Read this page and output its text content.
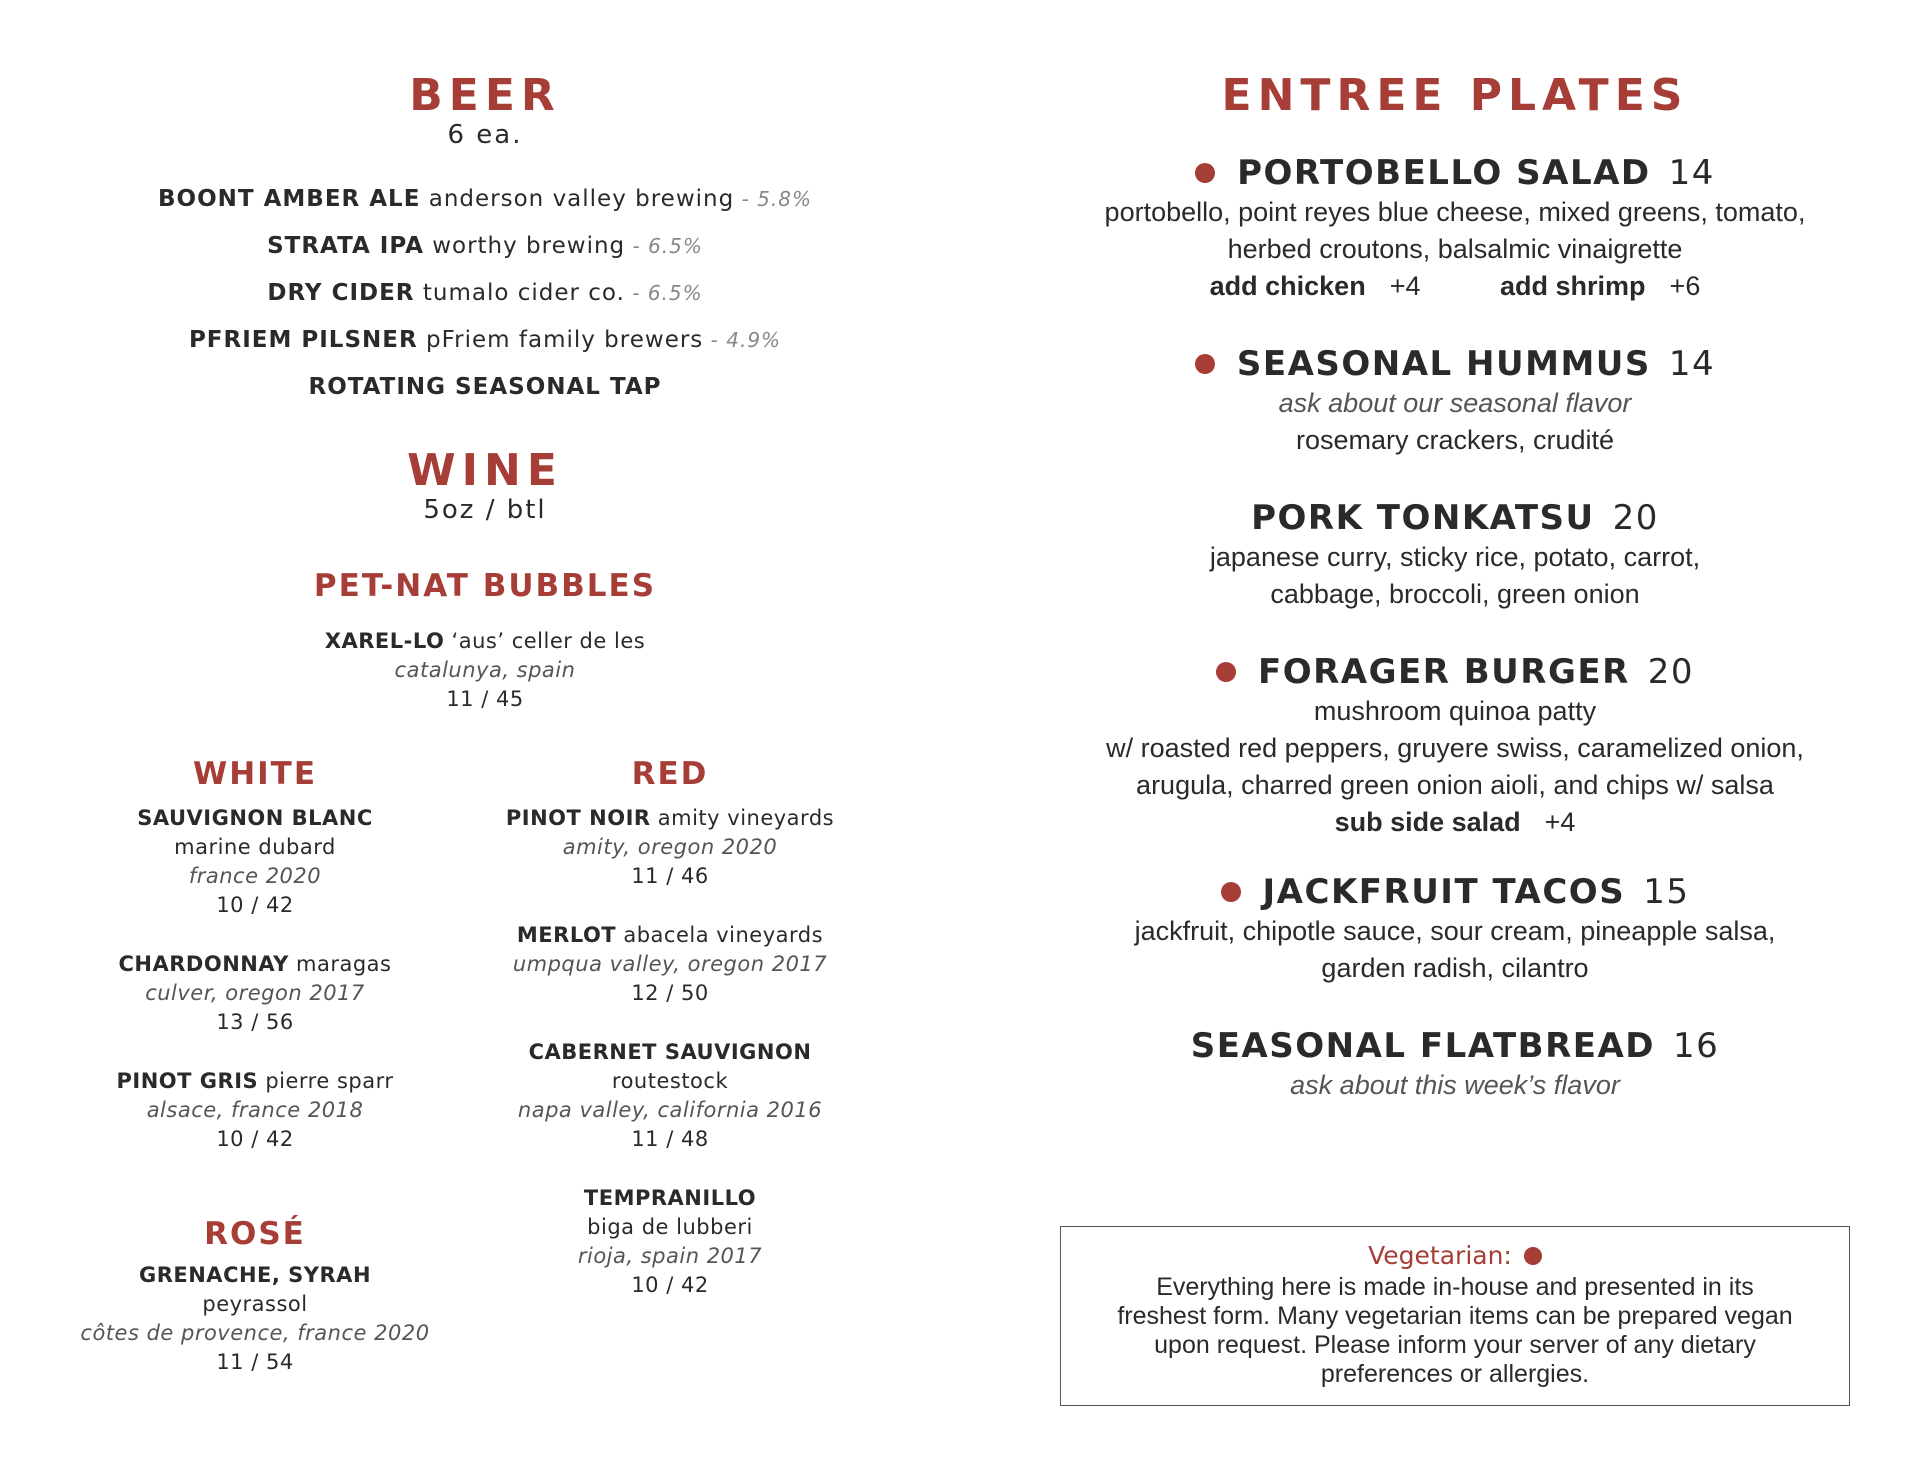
BEER

6 ea.

BOONT AMBER ALE anderson valley brewing - 5.8%
STRATA IPA worthy brewing - 6.5%
DRY CIDER tumalo cider co. - 6.5%
PFRIEM PILSNER pFriem family brewers - 4.9%
ROTATING SEASONAL TAP
WINE

5oz / btl

PET-NAT BUBBLES
XAREL-LO ‘aus’ celler de les
catalunya, spain
11 / 45
WHITE
SAUVIGNON BLANC
marine dubard
france 2020
10 / 42
CHARDONNAY maragas
culver, oregon 2017
13 / 56
PINOT GRIS pierre sparr
alsace, france 2018
10 / 42
ROSÉ
GRENACHE, SYRAH
peyrassol
côtes de provence, france 2020
11 / 54
RED
PINOT NOIR amity vineyards
amity, oregon 2020
11 / 46
MERLOT abacela vineyards
umpqua valley, oregon 2017
12 / 50
CABERNET SAUVIGNON
routestock
napa valley, california 2016
11 / 48
TEMPRANILLO
biga de lubberi
rioja, spain 2017
10 / 42
ENTREE PLATES
PORTOBELLO SALAD 14
portobello, point reyes blue cheese, mixed greens, tomato,
herbed croutons, balsalmic vinaigrette
add chicken +4	add shrimp +6
SEASONAL HUMMUS 14
ask about our seasonal flavor
rosemary crackers, crudité
PORK TONKATSU 20
japanese curry, sticky rice, potato, carrot,
cabbage, broccoli, green onion
FORAGER BURGER 20
mushroom quinoa patty
w/ roasted red peppers, gruyere swiss, caramelized onion,
arugula, charred green onion aioli, and chips w/ salsa
sub side salad +4
JACKFRUIT TACOS 15
jackfruit, chipotle sauce, sour cream, pineapple salsa,
garden radish, cilantro
SEASONAL FLATBREAD 16
ask about this week’s flavor
Vegetarian:
Everything here is made in-house and presented in its freshest form. Many vegetarian items can be prepared vegan upon request. Please inform your server of any dietary preferences or allergies.
